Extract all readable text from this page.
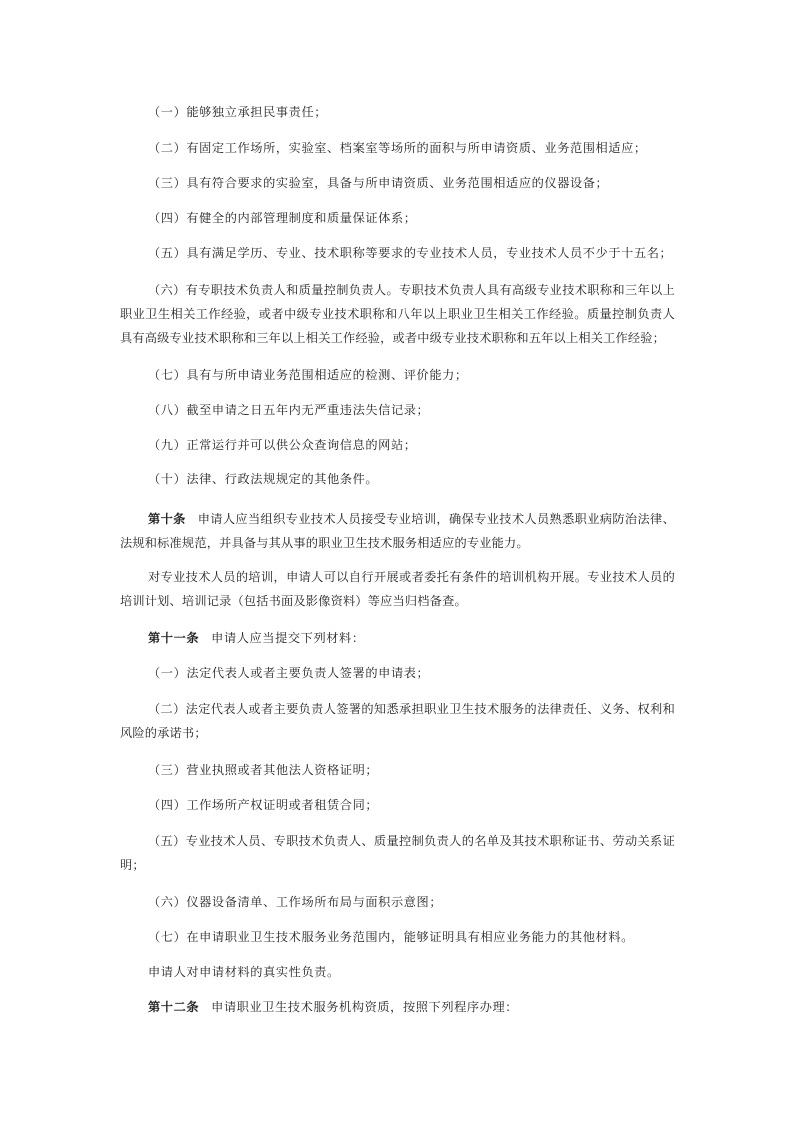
（一）能够独立承担民事责任；
（二）有固定工作场所，实验室、档案室等场所的面积与所申请资质、业务范围相适应；
（三）具有符合要求的实验室，具备与所申请资质、业务范围相适应的仪器设备；
（四）有健全的内部管理制度和质量保证体系；
（五）具有满足学历、专业、技术职称等要求的专业技术人员，专业技术人员不少于十五名；
（六）有专职技术负责人和质量控制负责人。专职技术负责人具有高级专业技术职称和三年以上职业卫生相关工作经验，或者中级专业技术职称和八年以上职业卫生相关工作经验。质量控制负责人具有高级专业技术职称和三年以上相关工作经验，或者中级专业技术职称和五年以上相关工作经验；
（七）具有与所申请业务范围相适应的检测、评价能力；
（八）截至申请之日五年内无严重违法失信记录；
（九）正常运行并可以供公众查询信息的网站；
（十）法律、行政法规规定的其他条件。
第十条 申请人应当组织专业技术人员接受专业培训，确保专业技术人员熟悉职业病防治法律、法规和标准规范，并具备与其从事的职业卫生技术服务相适应的专业能力。
对专业技术人员的培训，申请人可以自行开展或者委托有条件的培训机构开展。专业技术人员的培训计划、培训记录（包括书面及影像资料）等应当归档备查。
第十一条 申请人应当提交下列材料：
（一）法定代表人或者主要负责人签署的申请表；
（二）法定代表人或者主要负责人签署的知悉承担职业卫生技术服务的法律责任、义务、权利和风险的承诺书；
（三）营业执照或者其他法人资格证明；
（四）工作场所产权证明或者租赁合同；
（五）专业技术人员、专职技术负责人、质量控制负责人的名单及其技术职称证书、劳动关系证明；
（六）仪器设备清单、工作场所布局与面积示意图；
（七）在申请职业卫生技术服务业务范围内，能够证明具有相应业务能力的其他材料。
申请人对申请材料的真实性负责。
第十二条 申请职业卫生技术服务机构资质，按照下列程序办理：
